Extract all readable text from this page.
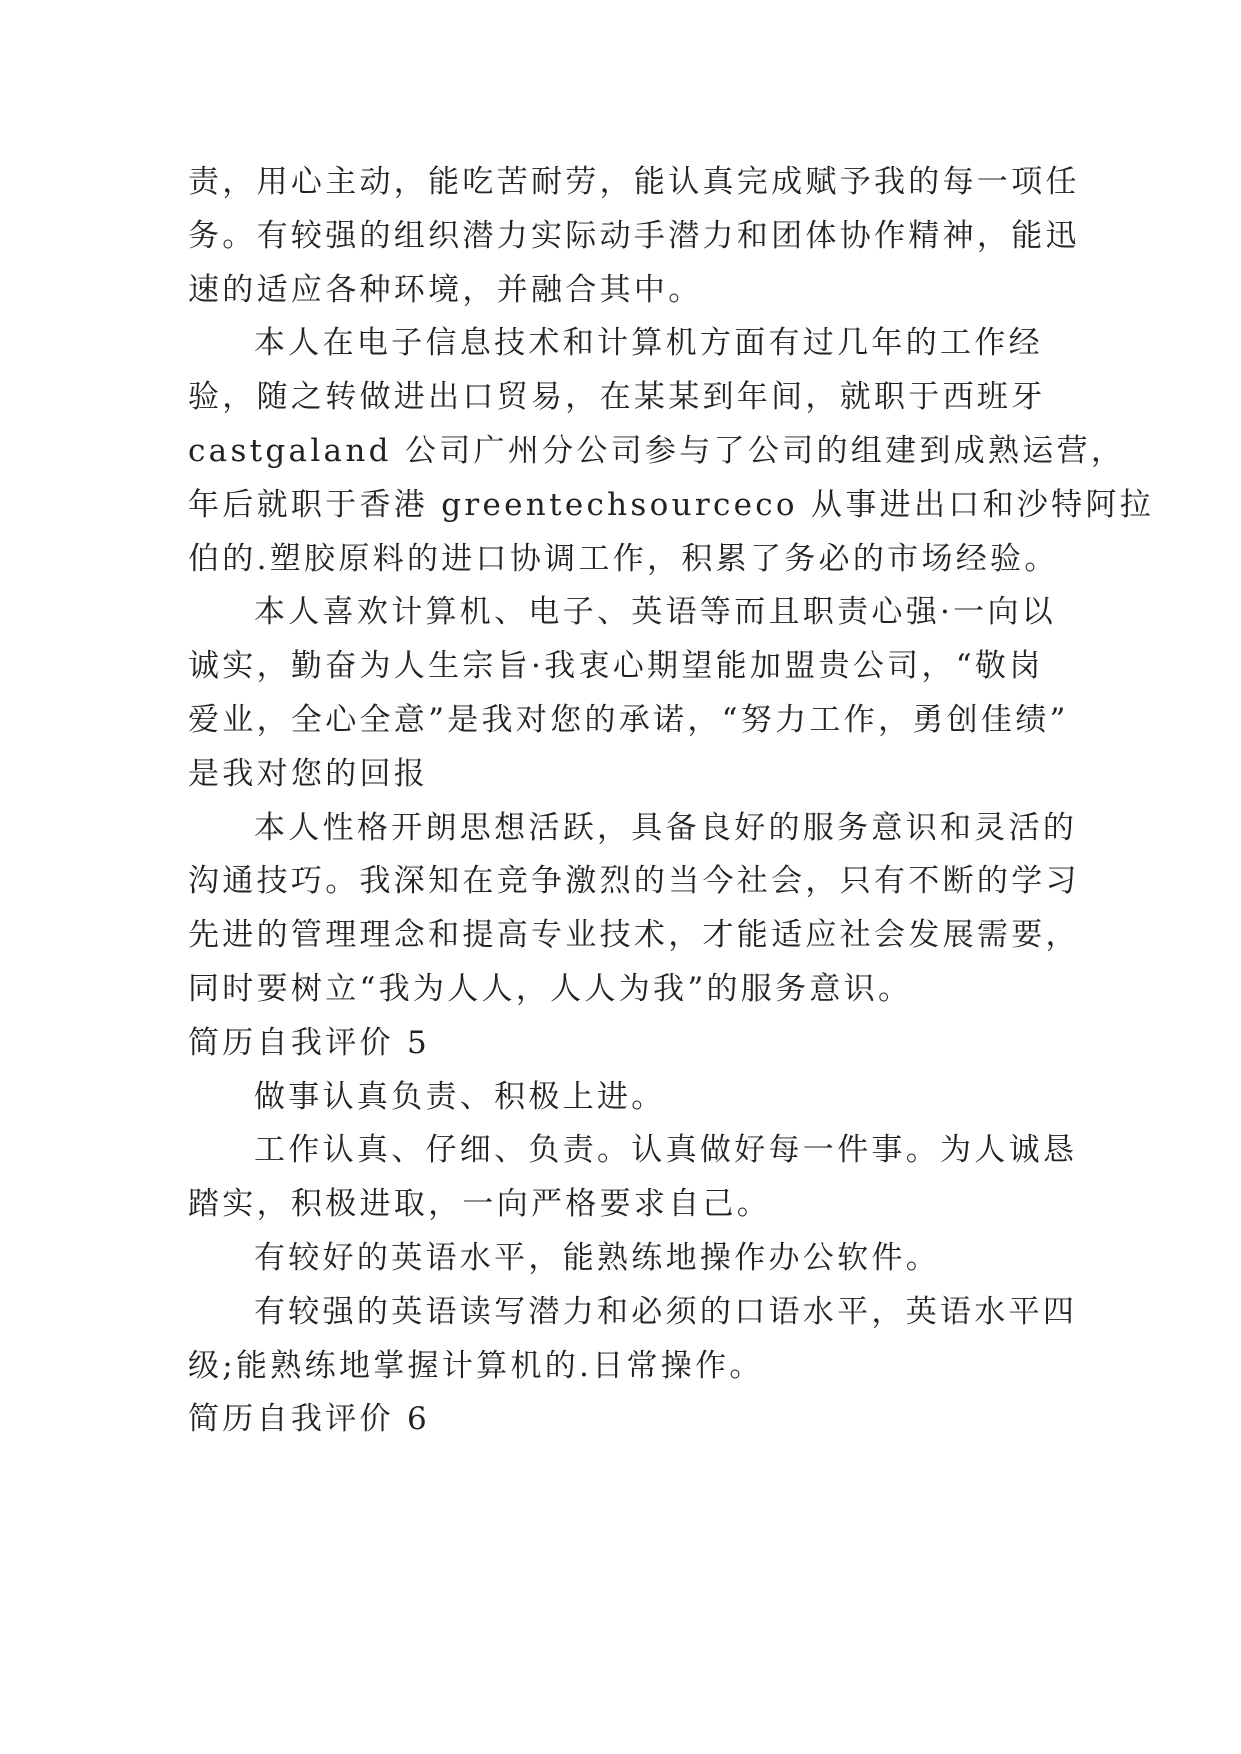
责，用心主动，能吃苦耐劳，能认真完成赋予我的每一项任
务。有较强的组织潜力实际动手潜力和团体协作精神，能迅
速的适应各种环境，并融合其中。
本人在电子信息技术和计算机方面有过几年的工作经
验，随之转做进出口贸易，在某某到年间，就职于西班牙
castgaland 公司广州分公司参与了公司的组建到成熟运营，
年后就职于香港 greentechsourceco 从事进出口和沙特阿拉
伯的.塑胶原料的进口协调工作，积累了务必的市场经验。
本人喜欢计算机、电子、英语等而且职责心强·一向以
诚实，勤奋为人生宗旨·我衷心期望能加盟贵公司，“敬岗
爱业，全心全意”是我对您的承诺，“努力工作，勇创佳绩”
是我对您的回报
本人性格开朗思想活跃，具备良好的服务意识和灵活的
沟通技巧。我深知在竞争激烈的当今社会，只有不断的学习
先进的管理理念和提高专业技术，才能适应社会发展需要，
同时要树立“我为人人，人人为我”的服务意识。
简历自我评价 5
做事认真负责、积极上进。
工作认真、仔细、负责。认真做好每一件事。为人诚恳
踏实，积极进取，一向严格要求自己。
有较好的英语水平，能熟练地操作办公软件。
有较强的英语读写潜力和必须的口语水平，英语水平四
级;能熟练地掌握计算机的.日常操作。
简历自我评价 6
